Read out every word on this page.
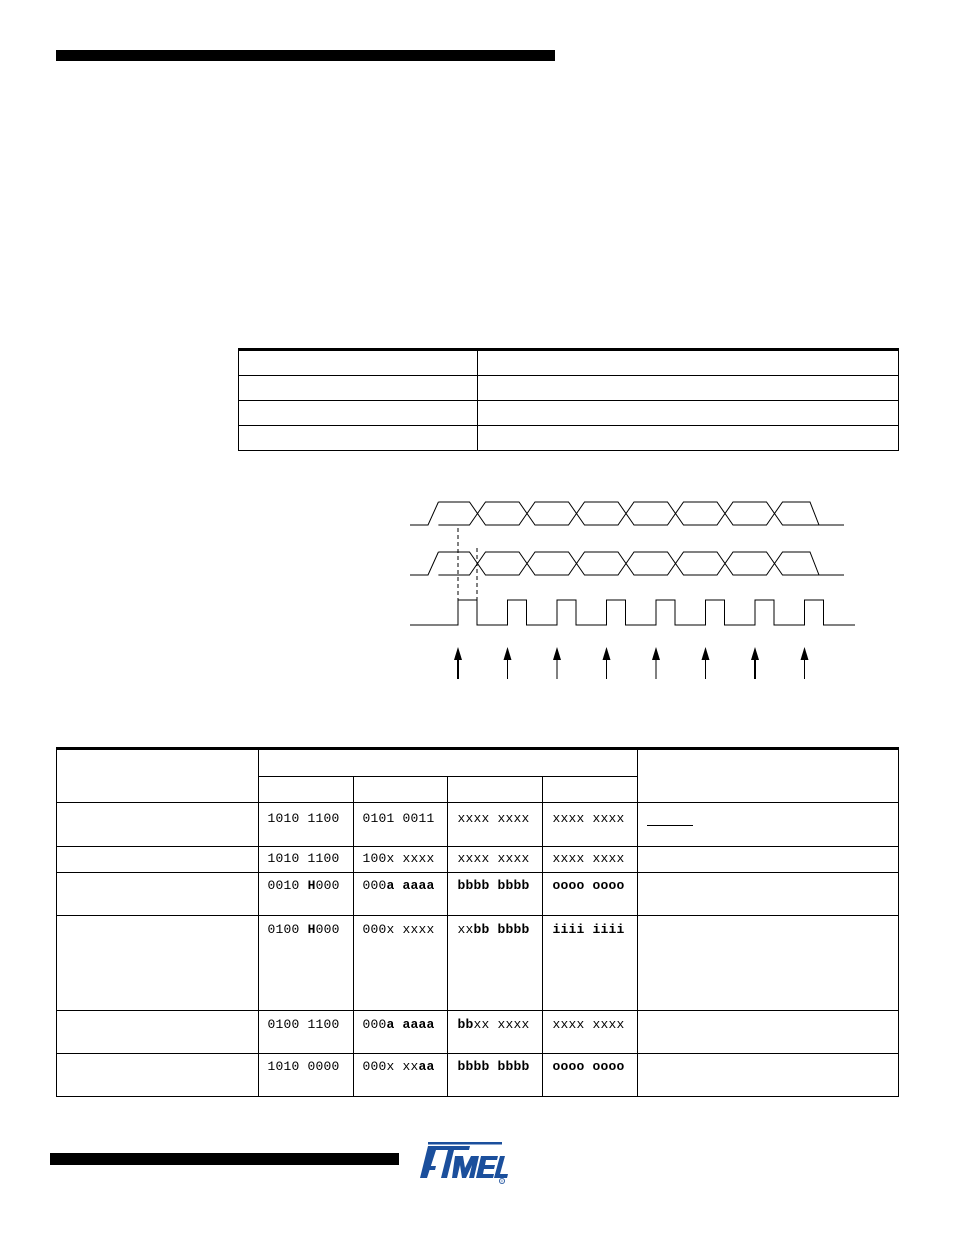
	1010 1100	0101 0011	xxxx xxxx	xxxx xxxx	

	1010 1100	100x xxxx	xxxx xxxx	xxxx xxxx	

	0010 H000	000a aaaa	bbbb bbbb	oooo oooo	

	0100 H000	000x xxxx	xxbb bbbb	iiii iiii	

	0100 1100	000a aaaa	bbxx xxxx	xxxx xxxx	

	1010 0000	000x xxaa	bbbb bbbb	oooo oooo	

®
